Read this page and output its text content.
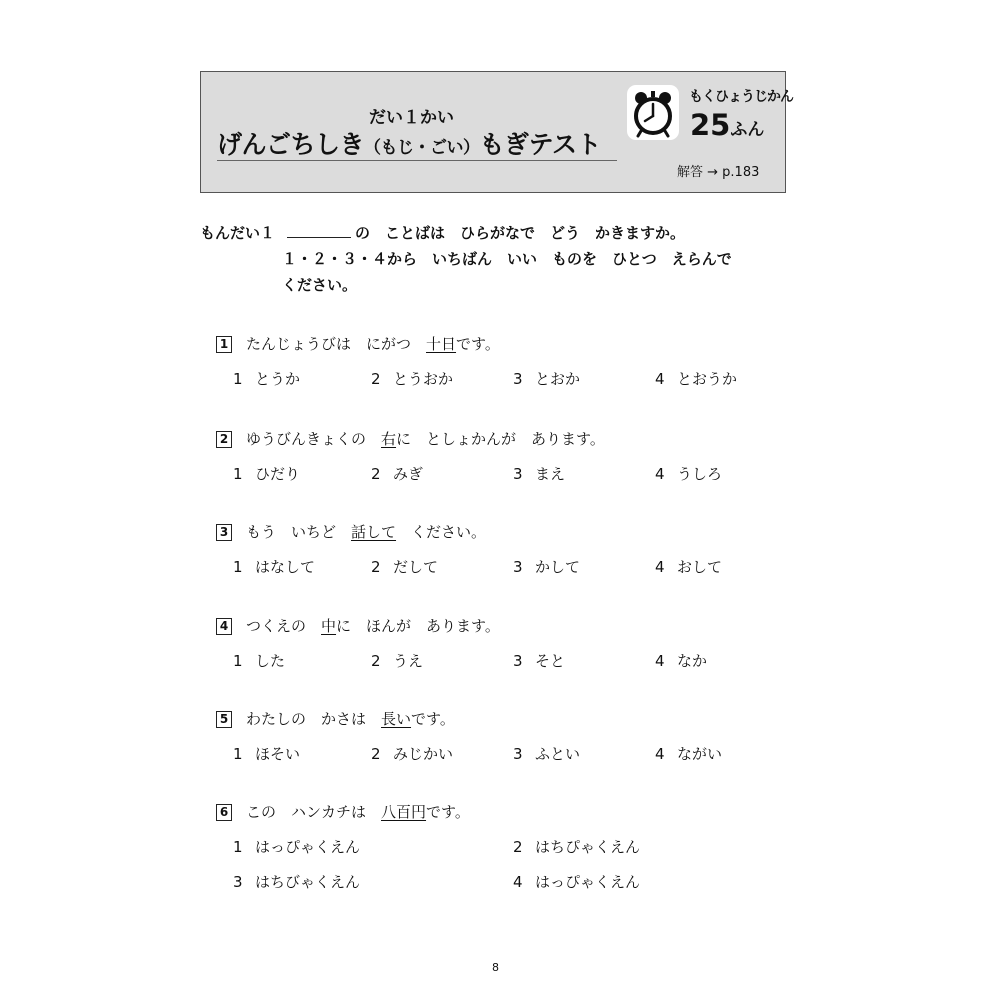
だい１かい
げんごちしき（もじ・ごい）もぎテスト
もくひょうじかん
25ふん
解答 → p.183
もんだい１	の　ことばは　ひらがなで　どう　かきますか。
１・２・３・４から　いちばん　いい　ものを　ひとつ　えらんで
ください。
1 たんじょうびは　にがつ　十日です。
1 とうか	2 とうおか	3 とおか	4 とおうか
2 ゆうびんきょくの　右に　としょかんが　あります。
1 ひだり	2 みぎ	3 まえ	4 うしろ
3 もう　いちど　話して　ください。
1 はなして	2 だして	3 かして	4 おして
4 つくえの　中に　ほんが　あります。
1 した	2 うえ	3 そと	4 なか
5 わたしの　かさは　長いです。
1 ほそい	2 みじかい	3 ふとい	4 ながい
6 この　ハンカチは　八百円です。
1 はっぴゃくえん	2 はちぴゃくえん
3 はちびゃくえん	4 はっぴゃくえん
8
